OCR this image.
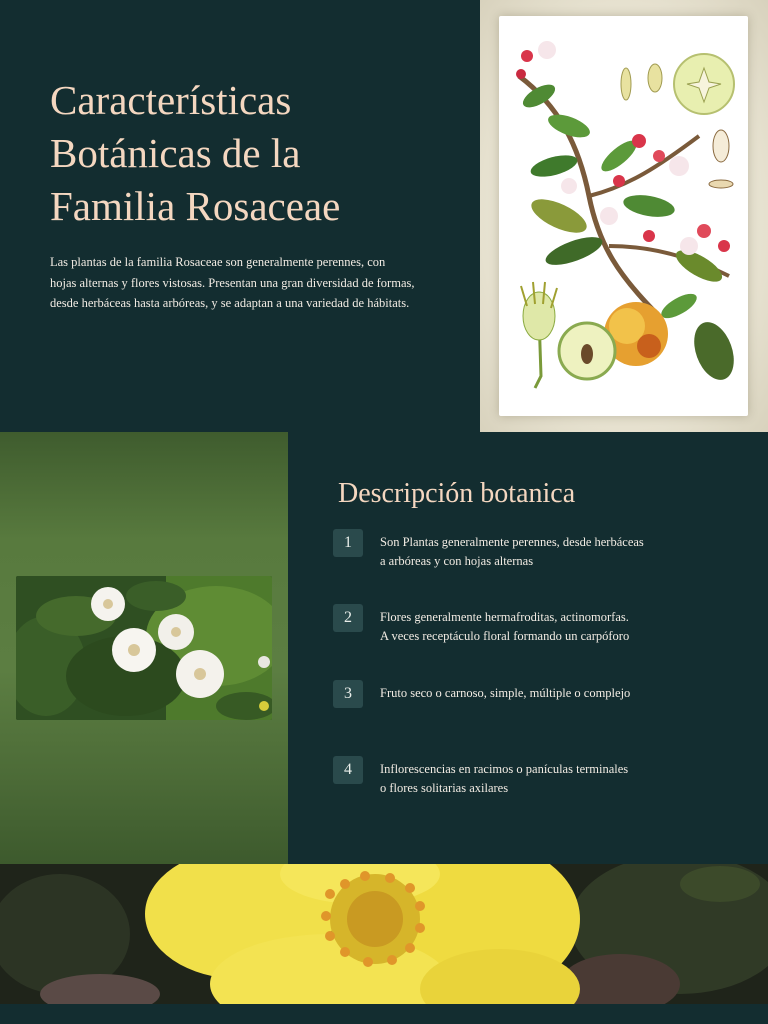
Características
Botánicas de la
Familia Rosaceae

Las plantas de la familia Rosaceae son generalmente perennes, con
hojas alternas y flores vistosas. Presentan una gran diversidad de formas,
desde herbáceas hasta arbóreas, y se adaptan a una variedad de hábitats.

Descripción botanica
1	Son Plantas generalmente perennes, desde herbáceas
a arbóreas y con hojas alternas

2	Flores generalmente hermafroditas, actinomorfas.
A veces receptáculo floral formando un carpóforo

3	Fruto seco o carnoso, simple, múltiple o complejo

4	Inflorescencias en racimos o panículas terminales
o flores solitarias axilares
